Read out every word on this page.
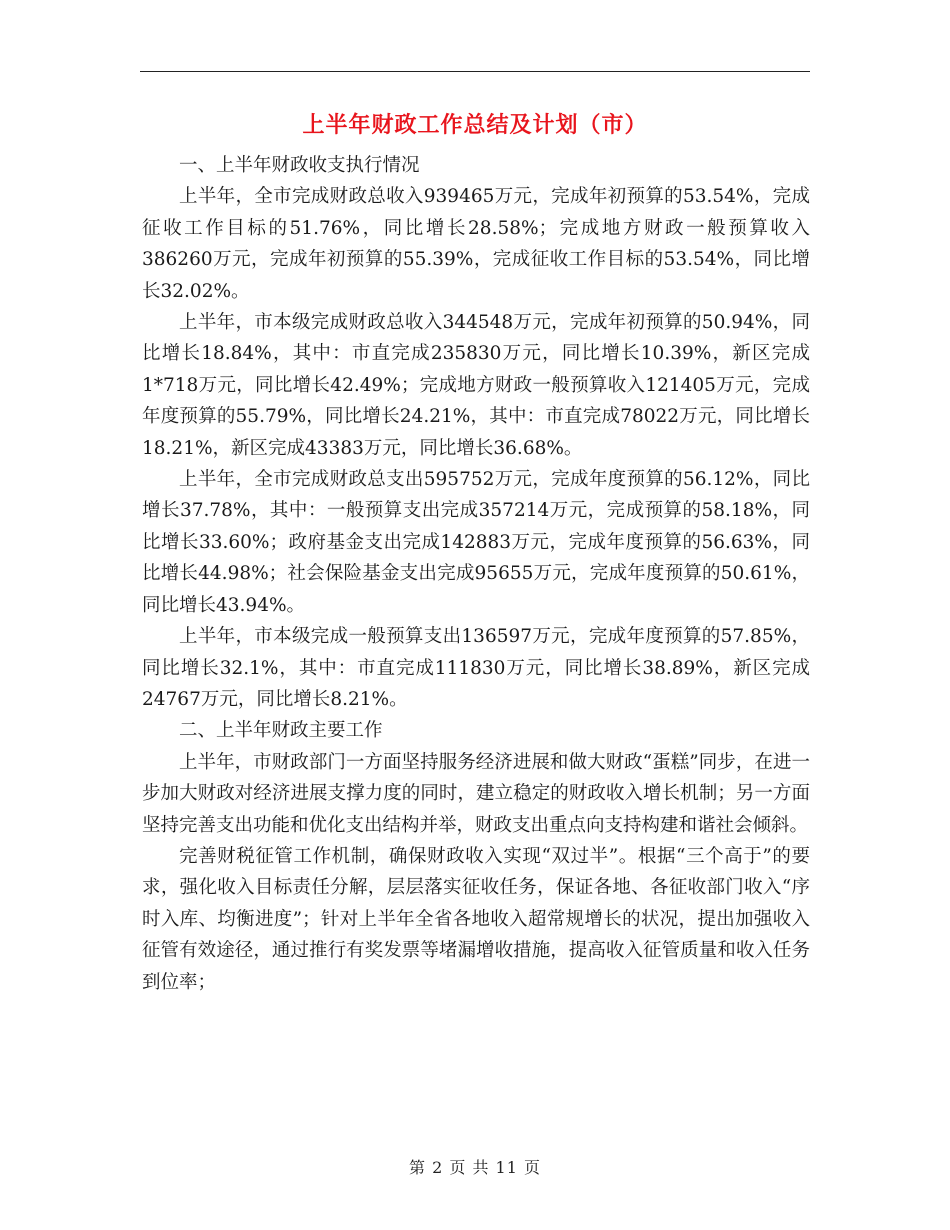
上半年财政工作总结及计划（市）

一、上半年财政收支执行情况

上半年，全市完成财政总收入939465万元，完成年初预算的53.54%，完成征收工作目标的51.76%，同比增长28.58%；完成地方财政一般预算收入386260万元，完成年初预算的55.39%，完成征收工作目标的53.54%，同比增长32.02%。

上半年，市本级完成财政总收入344548万元，完成年初预算的50.94%，同比增长18.84%，其中：市直完成235830万元，同比增长10.39%，新区完成1*718万元，同比增长42.49%；完成地方财政一般预算收入121405万元，完成年度预算的55.79%，同比增长24.21%，其中：市直完成78022万元，同比增长18.21%，新区完成43383万元，同比增长36.68%。

上半年，全市完成财政总支出595752万元，完成年度预算的56.12%，同比增长37.78%，其中：一般预算支出完成357214万元，完成预算的58.18%，同比增长33.60%；政府基金支出完成142883万元，完成年度预算的56.63%，同比增长44.98%；社会保险基金支出完成95655万元，完成年度预算的50.61%，同比增长43.94%。

上半年，市本级完成一般预算支出136597万元，完成年度预算的57.85%，同比增长32.1%，其中：市直完成111830万元，同比增长38.89%，新区完成24767万元，同比增长8.21%。

二、上半年财政主要工作

上半年，市财政部门一方面坚持服务经济进展和做大财政“蛋糕”同步，在进一步加大财政对经济进展支撑力度的同时，建立稳定的财政收入增长机制；另一方面坚持完善支出功能和优化支出结构并举，财政支出重点向支持构建和谐社会倾斜。

完善财税征管工作机制，确保财政收入实现“双过半”。根据“三个高于”的要求，强化收入目标责任分解，层层落实征收任务，保证各地、各征收部门收入“序时入库、均衡进度”；针对上半年全省各地收入超常规增长的状况，提出加强收入征管有效途径，通过推行有奖发票等堵漏增收措施，提高收入征管质量和收入任务到位率；

第 2 页 共 11 页
